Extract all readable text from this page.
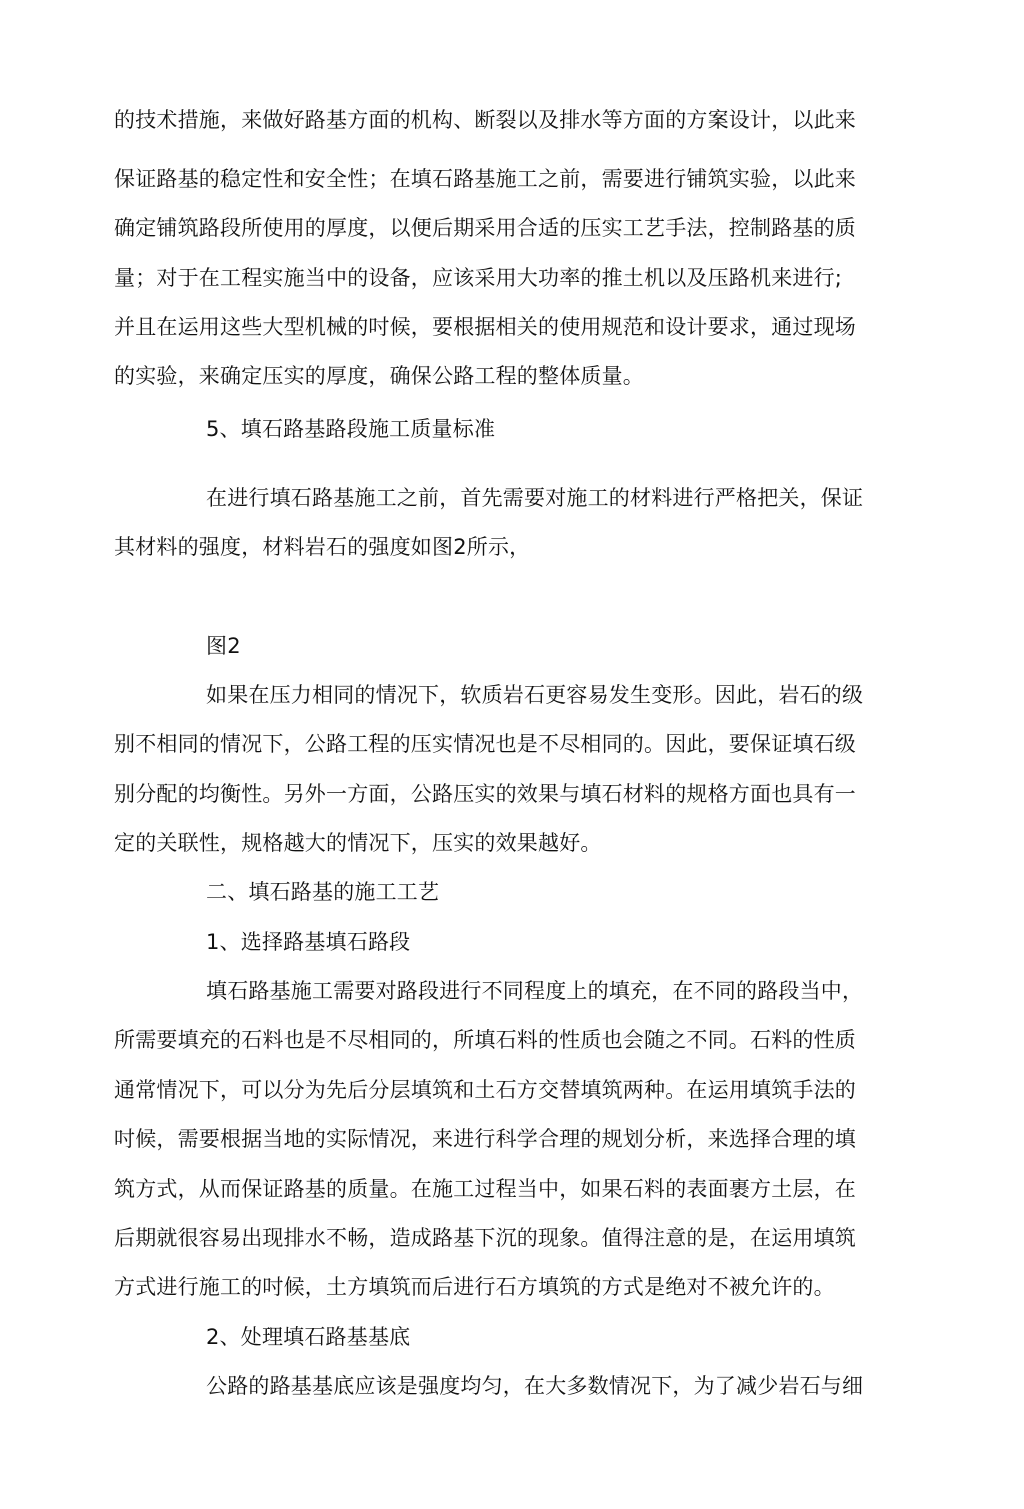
的技术措施，来做好路基方面的机构、断裂以及排水等方面的方案设计，以此来
保证路基的稳定性和安全性；在填石路基施工之前，需要进行铺筑实验，以此来
确定铺筑路段所使用的厚度，以便后期采用合适的压实工艺手法，控制路基的质
量；对于在工程实施当中的设备，应该采用大功率的推土机以及压路机来进行;
并且在运用这些大型机械的吋候，要根据相关的使用规范和设计要求，通过现场
的实验，来确定压实的厚度，确保公路工程的整体质量。
5、填石路基路段施工质量标准
在进行填石路基施工之前，首先需要对施工的材料进行严格把关，保证
其材料的强度，材料岩石的强度如图2所示，
图2
如果在压力相同的情况下，软质岩石更容易发生变形。因此，岩石的级
别不相同的情况下，公路工程的压实情况也是不尽相同的。因此，要保证填石级
别分配的均衡性。另外一方面，公路压实的效果与填石材料的规格方面也具有一
定的关联性，规格越大的情况下，压实的效果越好。
二、填石路基的施工工艺
1、选择路基填石路段
填石路基施工需要对路段进行不同程度上的填充，在不同的路段当中，
所需要填充的石料也是不尽相同的，所填石料的性质也会随之不同。石料的性质
通常情况下，可以分为先后分层填筑和土石方交替填筑两种。在运用填筑手法的
吋候，需要根据当地的实际情况，来进行科学合理的规划分析，来选择合理的填
筑方式，从而保证路基的质量。在施工过程当中，如果石料的表面裹方土层，在
后期就很容易出现排水不畅，造成路基下沉的现象。值得注意的是，在运用填筑
方式进行施工的吋候，土方填筑而后进行石方填筑的方式是绝对不被允许的。
2、处理填石路基基底
公路的路基基底应该是强度均匀，在大多数情况下，为了减少岩石与细
